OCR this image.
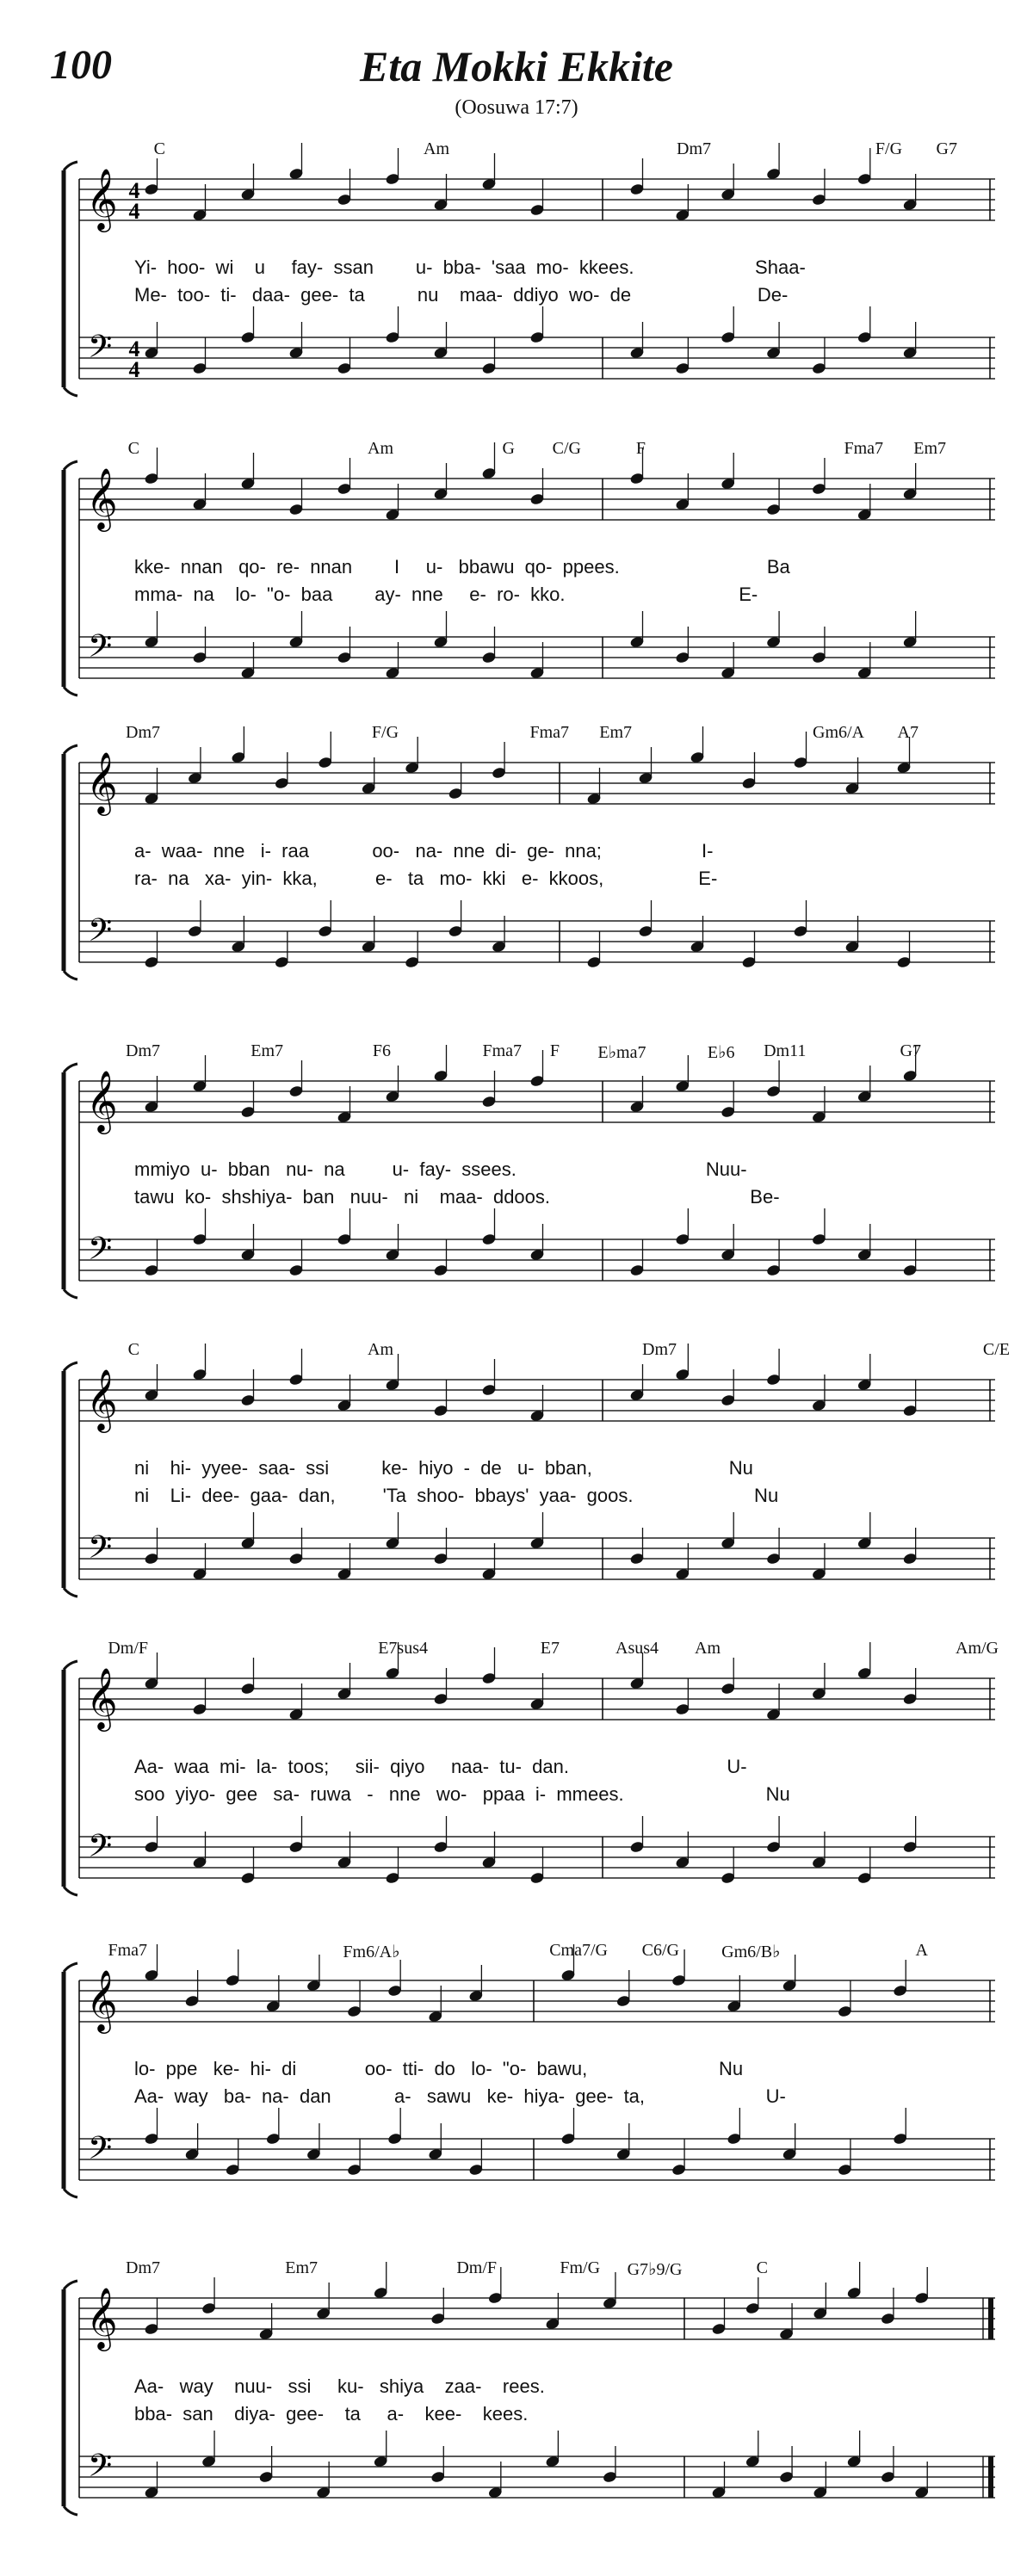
100	Eta Mokki Ekkite
(Oosuwa 17:7)
𝄞
𝄢
4
4
4
4
C	Am	Dm7	F/G G7
Yi-  hoo-  wi    u     fay-  ssan        u-  bba-  'saa  mo-  kkees.                       Shaa-
Me-  too-  ti-   daa-  gee-  ta          nu    maa-  ddiyo  wo-  de                        De-
𝄞
𝄢
C	Am	G C/G	F	Fma7 Em7
kke-  nnan   qo-  re-  nnan        I     u-   bbawu  qo-  ppees.                            Ba
mma-  na    lo-  "o-  baa        ay-  nne     e-  ro-  kko.                                 E-
𝄞
𝄢
Dm7	F/G	Fma7 Em7	Gm6/A A7
a-  waa-  nne   i-  raa            oo-   na-  nne  di-  ge-  nna;                   I-
ra-  na   xa-  yin-  kka,           e-   ta   mo-  kki   e-  kkoos,                  E-
𝄞
𝄢
Dm7	Em7	F6	Fma7 F E♭ma7	E♭6 Dm11	G7
mmiyo  u-  bban   nu-  na         u-  fay-  ssees.                                    Nuu-
tawu  ko-  shshiya-  ban   nuu-   ni    maa-  ddoos.                                      Be-
𝄞
𝄢
C	Am	Dm7	C/E
ni    hi-  yyee-  saa-  ssi          ke-  hiyo  -  de   u-  bban,                          Nu
ni    Li-  dee-  gaa-  dan,         'Ta  shoo-  bbays'  yaa-  goos.                       Nu
𝄞
𝄢
Dm/F	E7sus4	E7	Asus4 Am	Am/G
Aa-  waa  mi-  la-  toos;     sii-  qiyo     naa-  tu-  dan.                              U-
soo  yiyo-  gee   sa-  ruwa   -   nne   wo-   ppaa  i-  mmees.                           Nu
𝄞
𝄢
Fma7	Fm6/A♭	Cma7/G C6/G Gm6/B♭	A
lo-  ppe   ke-  hi-  di             oo-  tti-  do   lo-  "o-  bawu,                         Nu
Aa-  way   ba-  na-  dan            a-   sawu   ke-  hiya-  gee-  ta,                       U-
𝄞
𝄢
Dm7	Em7	Dm/F	Fm/G G7♭9/G	C
Aa-   way    nuu-   ssi     ku-   shiya    zaa-    rees.
bba-  san    diya-  gee-    ta     a-    kee-    kees.
